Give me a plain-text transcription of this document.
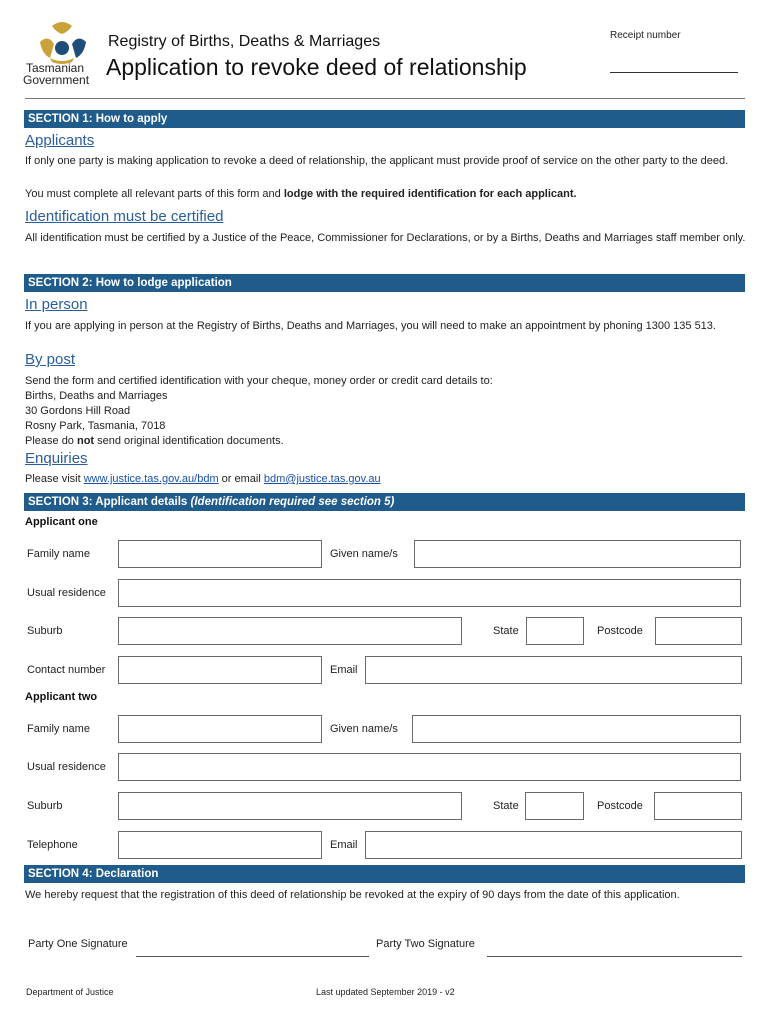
Tasmanian
Government
Registry of Births, Deaths & Marriages
Application to revoke deed of relationship
Receipt number
SECTION 1: How to apply
Applicants
If only one party is making application to revoke a deed of relationship, the applicant must provide proof of service on the other party to the deed.
You must complete all relevant parts of this form and lodge with the required identification for each applicant.
Identification must be certified
All identification must be certified by a Justice of the Peace, Commissioner for Declarations, or by a Births, Deaths and Marriages staff member only.
SECTION 2: How to lodge application
In person
If you are applying in person at the Registry of Births, Deaths and Marriages, you will need to make an appointment by phoning 1300 135 513.
By post
Send the form and certified identification with your cheque, money order or credit card details to:
Births, Deaths and Marriages
30 Gordons Hill Road
Rosny Park, Tasmania, 7018
Please do not send original identification documents.
Enquiries
Please visit www.justice.tas.gov.au/bdm or email bdm@justice.tas.gov.au
SECTION 3: Applicant details (Identification required see section 5)
Applicant one
Family name	Given name/s
Usual residence
Suburb	State	Postcode
Contact number	Email
Applicant two
Family name	Given name/s
Usual residence
Suburb	State	Postcode
Telephone	Email
SECTION 4: Declaration
We hereby request that the registration of this deed of relationship be revoked at the expiry of 90 days from the date of this application.
Party One Signature	Party Two Signature
Department of Justice	Last updated September 2019 - v2
